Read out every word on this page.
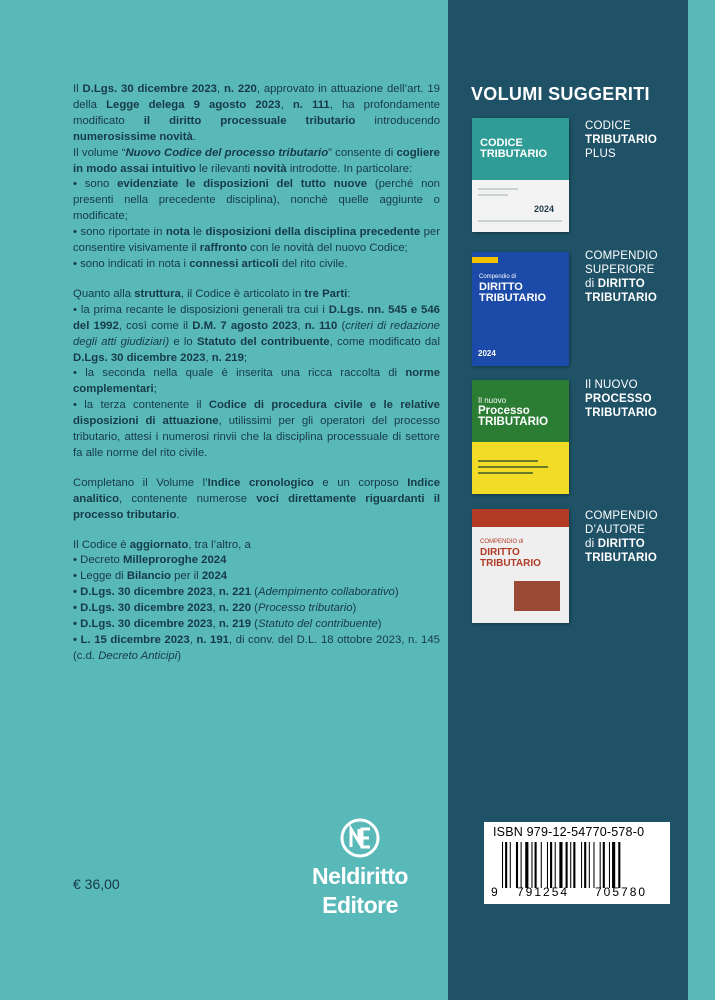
Il D.Lgs. 30 dicembre 2023, n. 220, approvato in attuazione dell’art. 19 della Legge delega 9 agosto 2023, n. 111, ha profondamente modificato il diritto processuale tributario introducendo numerosissime novità.

Il volume “Nuovo Codice del processo tributario” consente di cogliere in modo assai intuitivo le rilevanti novità introdotte. In particolare:

• sono evidenziate le disposizioni del tutto nuove (perché non presenti nella precedente disciplina), nonchè quelle aggiunte o modificate;

• sono riportate in nota le disposizioni della disciplina precedente per consentire visivamente il raffronto con le novità del nuovo Codice;

• sono indicati in nota i connessi articoli del rito civile.

Quanto alla struttura, il Codice è articolato in tre Parti:

• la prima recante le disposizioni generali tra cui i D.Lgs. nn. 545 e 546 del 1992, così come il D.M. 7 agosto 2023, n. 110 (criteri di redazione degli atti giudiziari) e lo Statuto del contribuente, come modificato dal D.Lgs. 30 dicembre 2023, n. 219;

• la seconda nella quale è inserita una ricca raccolta di norme complementari;

• la terza contenente il Codice di procedura civile e le relative disposizioni di attuazione, utilissimi per gli operatori del processo tributario, attesi i numerosi rinvii che la disciplina processuale di settore fa alle norme del rito civile.

Completano il Volume l’Indice cronologico e un corposo Indice analitico, contenente numerose voci direttamente riguardanti il processo tributario.

Il Codice è aggiornato, tra l’altro, a

• Decreto Milleproroghe 2024

• Legge di Bilancio per il 2024

• D.Lgs. 30 dicembre 2023, n. 221 (Adempimento collaborativo)

• D.Lgs. 30 dicembre 2023, n. 220 (Processo tributario)

• D.Lgs. 30 dicembre 2023, n. 219 (Statuto del contribuente)

• L. 15 dicembre 2023, n. 191, di conv. del D.L. 18 ottobre 2023, n. 145 (c.d. Decreto Anticipi)

€ 36,00	Neldiritto
Editore
VOLUMI SUGGERITI
CODICE TRIBUTARIO
2024
CODICE
TRIBUTARIO
PLUS
Compendio di
DIRITTO TRIBUTARIO
2024
COMPENDIO
SUPERIORE
di DIRITTO
TRIBUTARIO
Il nuovo
Processo TRIBUTARIO
Il NUOVO
PROCESSO
TRIBUTARIO
COMPENDIO di
DIRITTO TRIBUTARIO
COMPENDIO
D’AUTORE
di DIRITTO
TRIBUTARIO
ISBN 979-12-54770-578-0
9 791254 705780
